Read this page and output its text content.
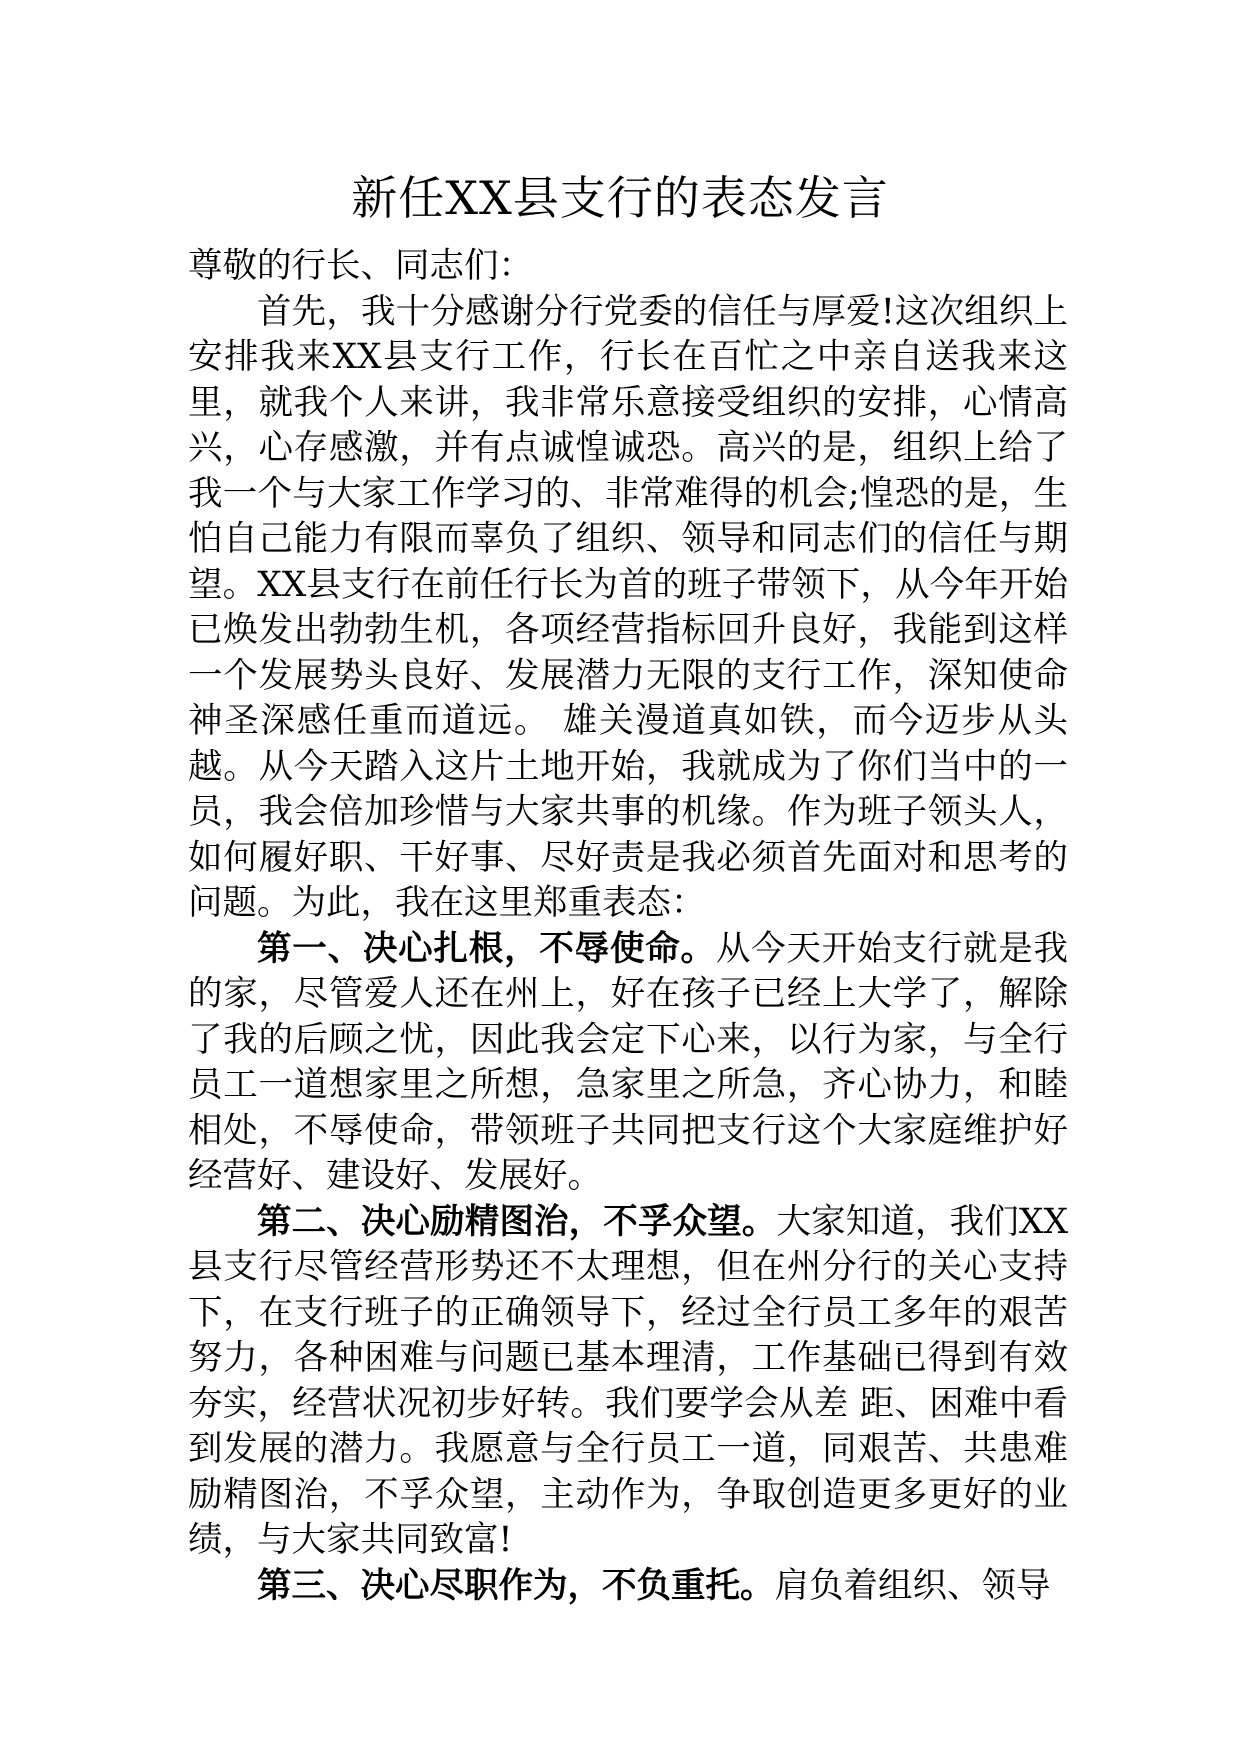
新任XX县支行的表态发言

尊敬的行长、同志们：

首先，我十分感谢分行党委的信任与厚爱!这次组织上安排我来XX县支行工作，行长在百忙之中亲自送我来这里，就我个人来讲，我非常乐意接受组织的安排，心情高兴，心存感激，并有点诚惶诚恐。高兴的是，组织上给了我一个与大家工作学习的、非常难得的机会;惶恐的是，生怕自己能力有限而辜负了组织、领导和同志们的信任与期望。XX县支行在前任行长为首的班子带领下，从今年开始已焕发出勃勃生机，各项经营指标回升良好，我能到这样一个发展势头良好、发展潜力无限的支行工作，深知使命神圣深感任重而道远。 雄关漫道真如铁，而今迈步从头越。从今天踏入这片土地开始，我就成为了你们当中的一员，我会倍加珍惜与大家共事的机缘。作为班子领头人，如何履好职、干好事、尽好责是我必须首先面对和思考的问题。为此，我在这里郑重表态：

第一、决心扎根，不辱使命。从今天开始支行就是我的家，尽管爱人还在州上，好在孩子已经上大学了，解除了我的后顾之忧，因此我会定下心来，以行为家，与全行员工一道想家里之所想，急家里之所急，齐心协力，和睦相处，不辱使命，带领班子共同把支行这个大家庭维护好经营好、建设好、发展好。

第二、决心励精图治，不孚众望。大家知道，我们XX县支行尽管经营形势还不太理想，但在州分行的关心支持下，在支行班子的正确领导下，经过全行员工多年的艰苦努力，各种困难与问题已基本理清，工作基础已得到有效夯实，经营状况初步好转。我们要学会从差 距、困难中看到发展的潜力。我愿意与全行员工一道，同艰苦、共患难励精图治，不孚众望，主动作为，争取创造更多更好的业绩，与大家共同致富!

第三、决心尽职作为，不负重托。肩负着组织、领导
